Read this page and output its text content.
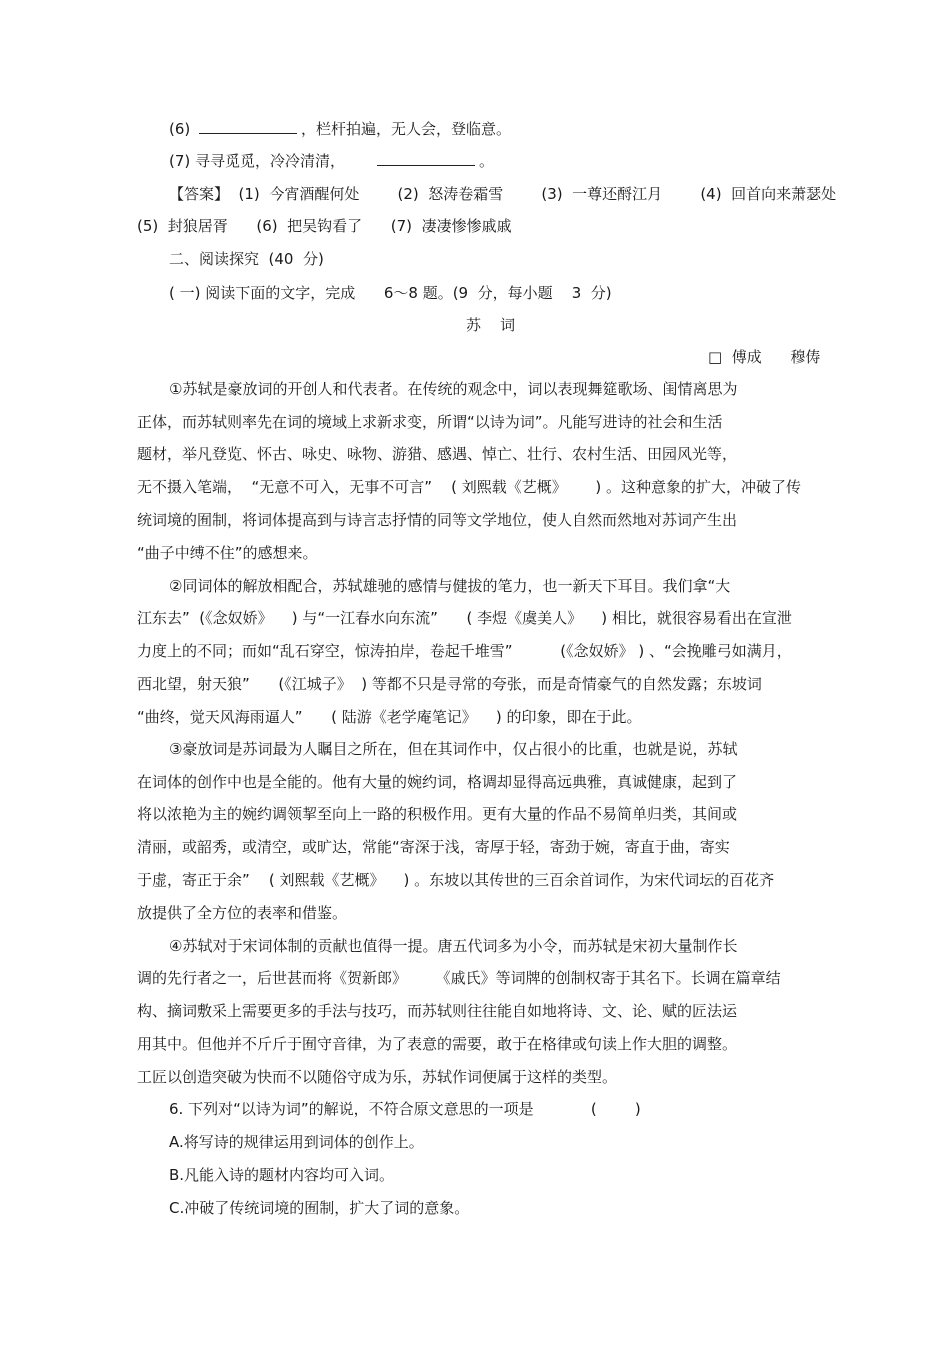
(6)	，栏杆拍遍，无人会，登临意。
(7) 寻寻觅觅，冷冷清清，	。
【答案】  (1)  今宵酒醒何处        (2)  怒涛卷霜雪        (3)  一尊还酹江月        (4)  回首向来萧瑟处
(5)  封狼居胥      (6)  把吴钩看了      (7)  凄凄惨惨戚戚
二、阅读探究  (40  分)
( 一) 阅读下面的文字，完成      6～8 题。(9  分，每小题    3  分)
苏    词
□  傅成      穆俦
①苏轼是豪放词的开创人和代表者。在传统的观念中，词以表现舞筵歌场、闺情离思为
正体，而苏轼则率先在词的境域上求新求变，所谓“以诗为词”。凡能写进诗的社会和生活
题材，举凡登览、怀古、咏史、咏物、游猎、感遇、悼亡、壮行、农村生活、田园风光等，
无不摄入笔端，  “无意不可入，无事不可言”    ( 刘熙载《艺概》      ) 。这种意象的扩大，冲破了传
统词境的囿制，将词体提高到与诗言志抒情的同等文学地位，使人自然而然地对苏词产生出
“曲子中缚不住”的感想来。
②同词体的解放相配合，苏轼雄驰的感情与健拔的笔力，也一新天下耳目。我们拿“大
江东去”  (《念奴娇》    ) 与“一江春水向东流”      ( 李煜《虞美人》    ) 相比，就很容易看出在宣泄
力度上的不同；而如“乱石穿空，惊涛拍岸，卷起千堆雪”          (《念奴娇》 ) 、“会挽雕弓如满月，
西北望，射天狼”      (《江城子》  ) 等都不只是寻常的夸张，而是奇情豪气的自然发露；东坡词
“曲终，觉天风海雨逼人”      ( 陆游《老学庵笔记》    ) 的印象，即在于此。
③豪放词是苏词最为人瞩目之所在，但在其词作中，仅占很小的比重，也就是说，苏轼
在词体的创作中也是全能的。他有大量的婉约词，格调却显得高远典雅，真诚健康，起到了
将以浓艳为主的婉约调领挈至向上一路的积极作用。更有大量的作品不易简单归类，其间或
清丽，或韶秀，或清空，或旷达，常能“寄深于浅，寄厚于轻，寄劲于婉，寄直于曲，寄实
于虚，寄正于余”    ( 刘熙载《艺概》    ) 。东坡以其传世的三百余首词作，为宋代词坛的百花齐
放提供了全方位的表率和借鉴。
④苏轼对于宋词体制的贡献也值得一提。唐五代词多为小令，而苏轼是宋初大量制作长
调的先行者之一，后世甚而将《贺新郎》      《戚氏》等词牌的创制权寄于其名下。长调在篇章结
构、摘词敷采上需要更多的手法与技巧，而苏轼则往往能自如地将诗、文、论、赋的匠法运
用其中。但他并不斤斤于囿守音律，为了表意的需要，敢于在格律或句读上作大胆的调整。
工匠以创造突破为快而不以随俗守成为乐，苏轼作词便属于这样的类型。
6. 下列对“以诗为词”的解说，不符合原文意思的一项是            (        )
A.将写诗的规律运用到词体的创作上。
B.凡能入诗的题材内容均可入词。
C.冲破了传统词境的囿制，扩大了词的意象。
